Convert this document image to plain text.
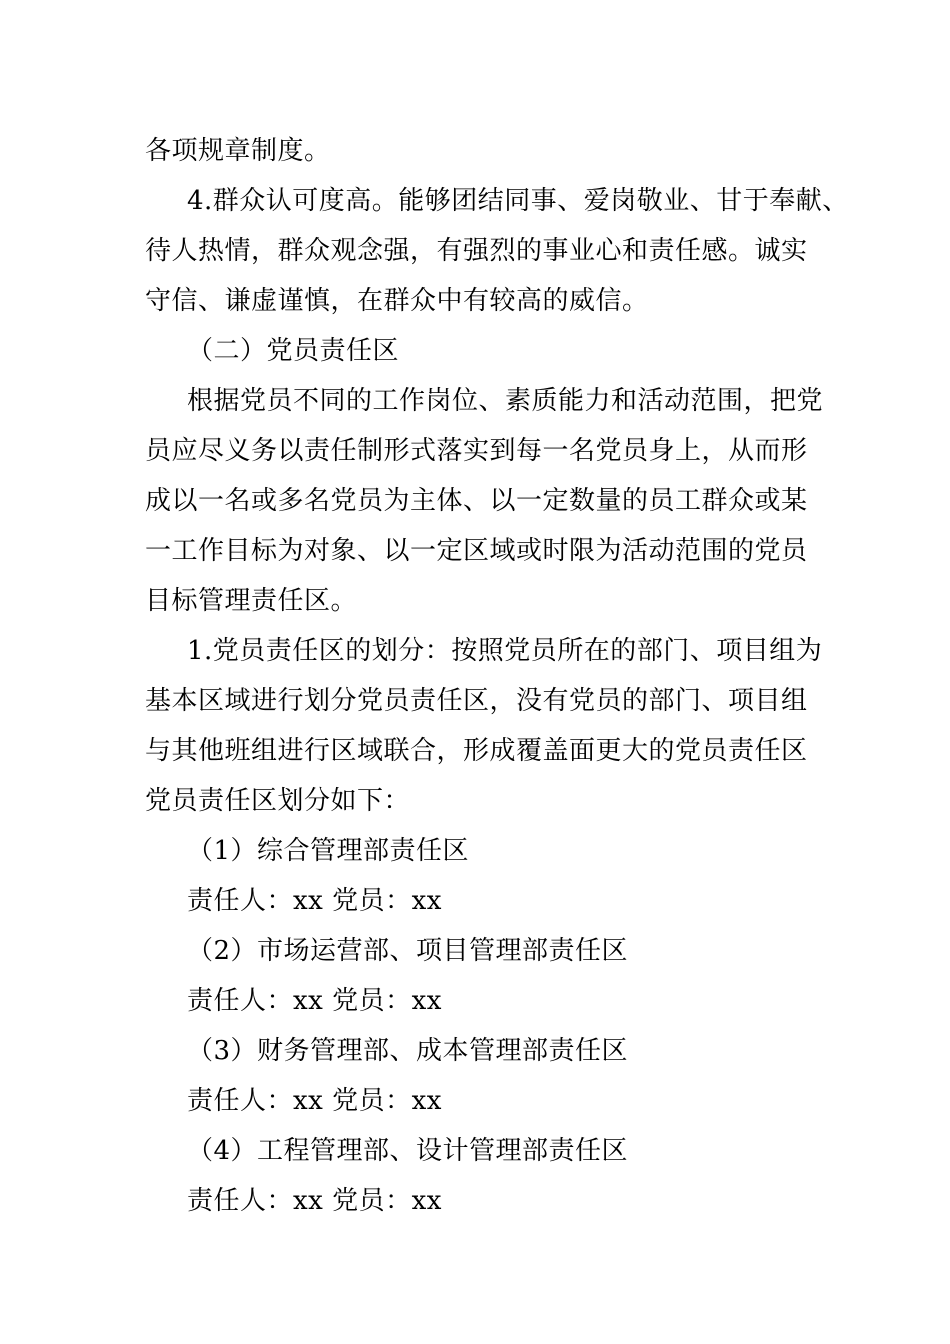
各项规章制度。
4.群众认可度高。能够团结同事、爱岗敬业、甘于奉献、
待人热情，群众观念强，有强烈的事业心和责任感。诚实
守信、谦虚谨慎，在群众中有较高的威信。
（二）党员责任区
根据党员不同的工作岗位、素质能力和活动范围，把党
员应尽义务以责任制形式落实到每一名党员身上，从而形
成以一名或多名党员为主体、以一定数量的员工群众或某
一工作目标为对象、以一定区域或时限为活动范围的党员
目标管理责任区。
1.党员责任区的划分：按照党员所在的部门、项目组为
基本区域进行划分党员责任区，没有党员的部门、项目组
与其他班组进行区域联合，形成覆盖面更大的党员责任区
党员责任区划分如下：
（1）综合管理部责任区
责任人：xx 党员：xx
（2）市场运营部、项目管理部责任区
责任人：xx 党员：xx
（3）财务管理部、成本管理部责任区
责任人：xx 党员：xx
（4）工程管理部、设计管理部责任区
责任人：xx 党员：xx
